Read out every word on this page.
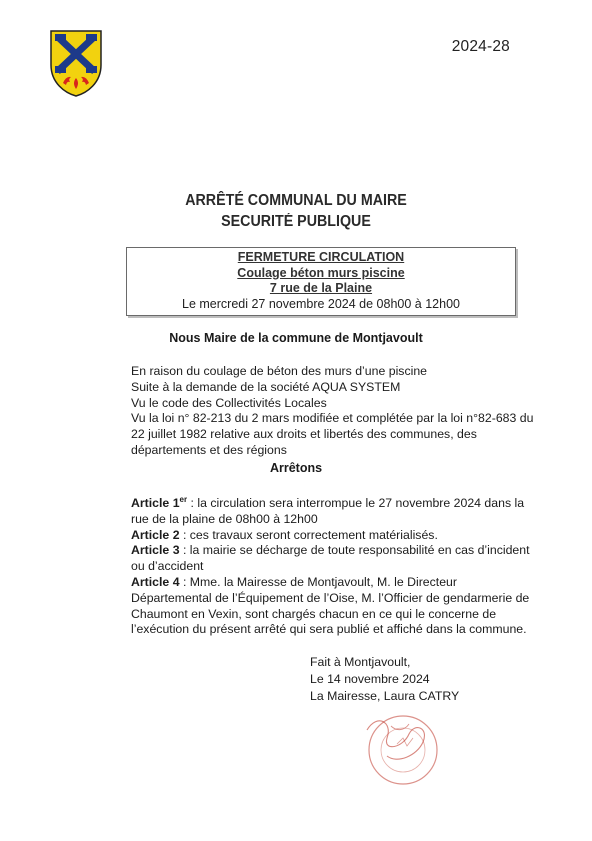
2024-28
ARRÊTÉ COMMUNAL DU MAIRE
SECURITÉ PUBLIQUE
FERMETURE CIRCULATION
Coulage béton murs piscine
7 rue de la Plaine
Le mercredi 27 novembre 2024 de 08h00 à 12h00
Nous Maire de la commune de Montjavoult
En raison du coulage de béton des murs d’une piscine
Suite à la demande de la société AQUA SYSTEM
Vu le code des Collectivités Locales
Vu la loi n° 82-213 du 2 mars modifiée et complétée par la loi n°82-683 du
22 juillet 1982 relative aux droits et libertés des communes, des
départements et des régions
Arrêtons
Article 1er : la circulation sera interrompue le 27 novembre 2024 dans la
rue de la plaine de 08h00 à 12h00
Article 2 : ces travaux seront correctement matérialisés.
Article 3 : la mairie se décharge de toute responsabilité en cas d’incident
ou d’accident
Article 4 : Mme. la Mairesse de Montjavoult, M. le Directeur
Départemental de l’Équipement de l’Oise, M. l’Officier de gendarmerie de
Chaumont en Vexin, sont chargés chacun en ce qui le concerne de
l’exécution du présent arrêté qui sera publié et affiché dans la commune.
Fait à Montjavoult,
Le 14 novembre 2024
La Mairesse, Laura CATRY
